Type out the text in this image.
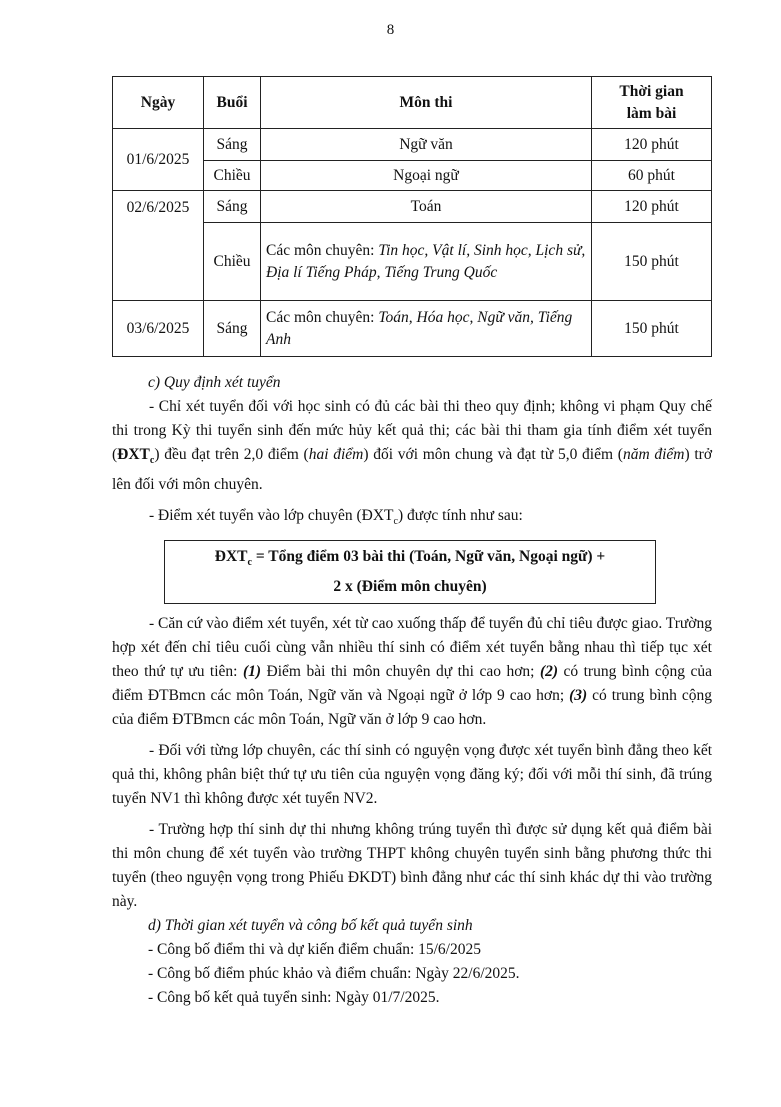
8
Ngày	Buổi	Môn thi	Thời gian
làm bài
01/6/2025	Sáng	Ngữ văn	120 phút
	Chiều	Ngoại ngữ	60 phút
02/6/2025	Sáng	Toán	120 phút
	Chiều	Các môn chuyên: Tin học, Vật lí, Sinh học, Lịch sử, Địa lí Tiếng Pháp, Tiếng Trung Quốc	150 phút
03/6/2025	Sáng	Các môn chuyên: Toán, Hóa học, Ngữ văn, Tiếng Anh	150 phút

c) Quy định xét tuyển

- Chỉ xét tuyển đối với học sinh có đủ các bài thi theo quy định; không vi phạm Quy chế thi trong Kỳ thi tuyển sinh đến mức hủy kết quả thi; các bài thi tham gia tính điểm xét tuyển $(ĐXT_c)$ đều đạt trên 2,0 điểm (hai điểm) đối với môn chung và đạt từ 5,0 điểm (năm điểm) trở lên đối với môn chuyên.

- Điểm xét tuyển vào lớp chuyên $(ĐXT_c)$ được tính như sau:

$ĐXT_c$ = Tổng điểm 03 bài thi (Toán, Ngữ văn, Ngoại ngữ) +
2 x (Điểm môn chuyên)

- Căn cứ vào điểm xét tuyển, xét từ cao xuống thấp để tuyển đủ chỉ tiêu được giao. Trường hợp xét đến chỉ tiêu cuối cùng vẫn nhiều thí sinh có điểm xét tuyển bằng nhau thì tiếp tục xét theo thứ tự ưu tiên: (1) Điểm bài thi môn chuyên dự thi cao hơn; (2) có trung bình cộng của điểm ĐTBmcn các môn Toán, Ngữ văn và Ngoại ngữ ở lớp 9 cao hơn; (3) có trung bình cộng của điểm ĐTBmcn các môn Toán, Ngữ văn ở lớp 9 cao hơn.

- Đối với từng lớp chuyên, các thí sinh có nguyện vọng được xét tuyển bình đẳng theo kết quả thi, không phân biệt thứ tự ưu tiên của nguyện vọng đăng ký; đối với mỗi thí sinh, đã trúng tuyển NV1 thì không được xét tuyển NV2.

- Trường hợp thí sinh dự thi nhưng không trúng tuyển thì được sử dụng kết quả điểm bài thi môn chung để xét tuyển vào trường THPT không chuyên tuyển sinh bằng phương thức thi tuyển (theo nguyện vọng trong Phiếu ĐKDT) bình đẳng như các thí sinh khác dự thi vào trường này.

d) Thời gian xét tuyển và công bố kết quả tuyển sinh

- Công bố điểm thi và dự kiến điểm chuẩn: 15/6/2025

- Công bố điểm phúc khảo và điểm chuẩn: Ngày 22/6/2025.

- Công bố kết quả tuyển sinh: Ngày 01/7/2025.
